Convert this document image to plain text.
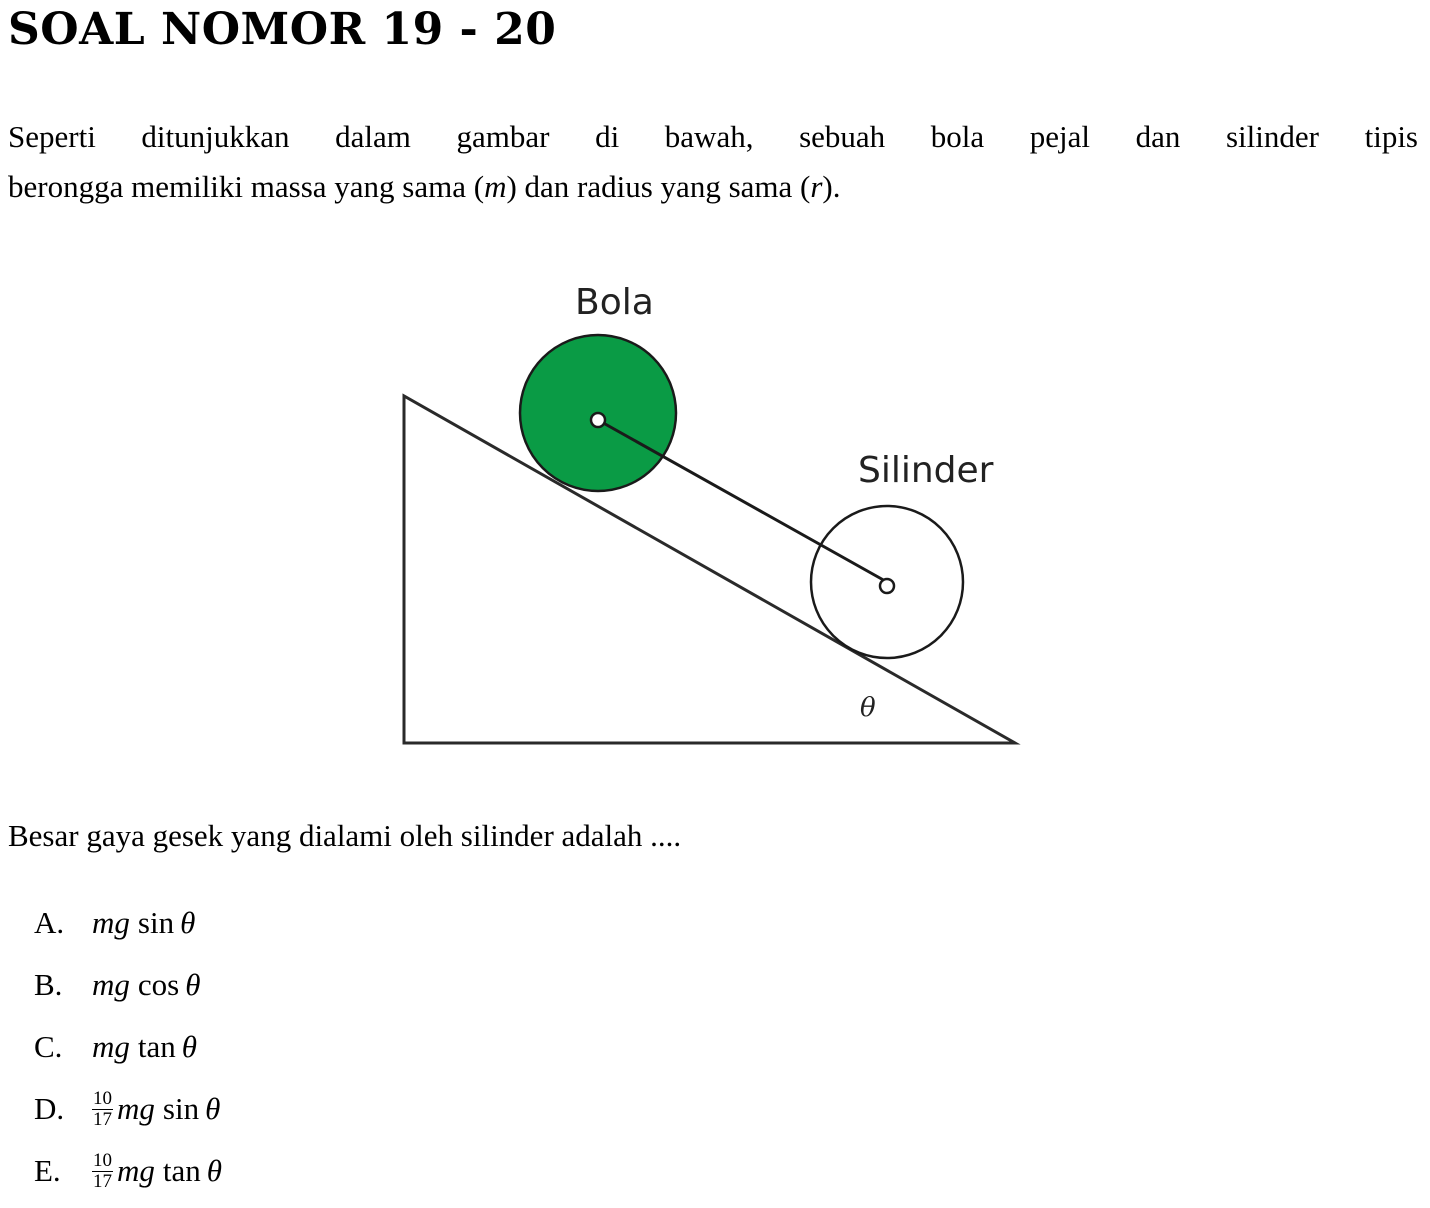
SOAL NOMOR 19 - 20
Seperti ditunjukkan dalam gambar di bawah, sebuah bola pejal dan silinder tipis
berongga memiliki massa yang sama (m) dan radius yang sama (r).
Bola
Silinder
θ
Besar gaya gesek yang dialami oleh silinder adalah ....
A. mg sin θ
B. mg cos θ
C. mg tan θ
D.	$\frac{10}{17}$ mg sin θ
E.	$\frac{10}{17}$ mg tan θ
